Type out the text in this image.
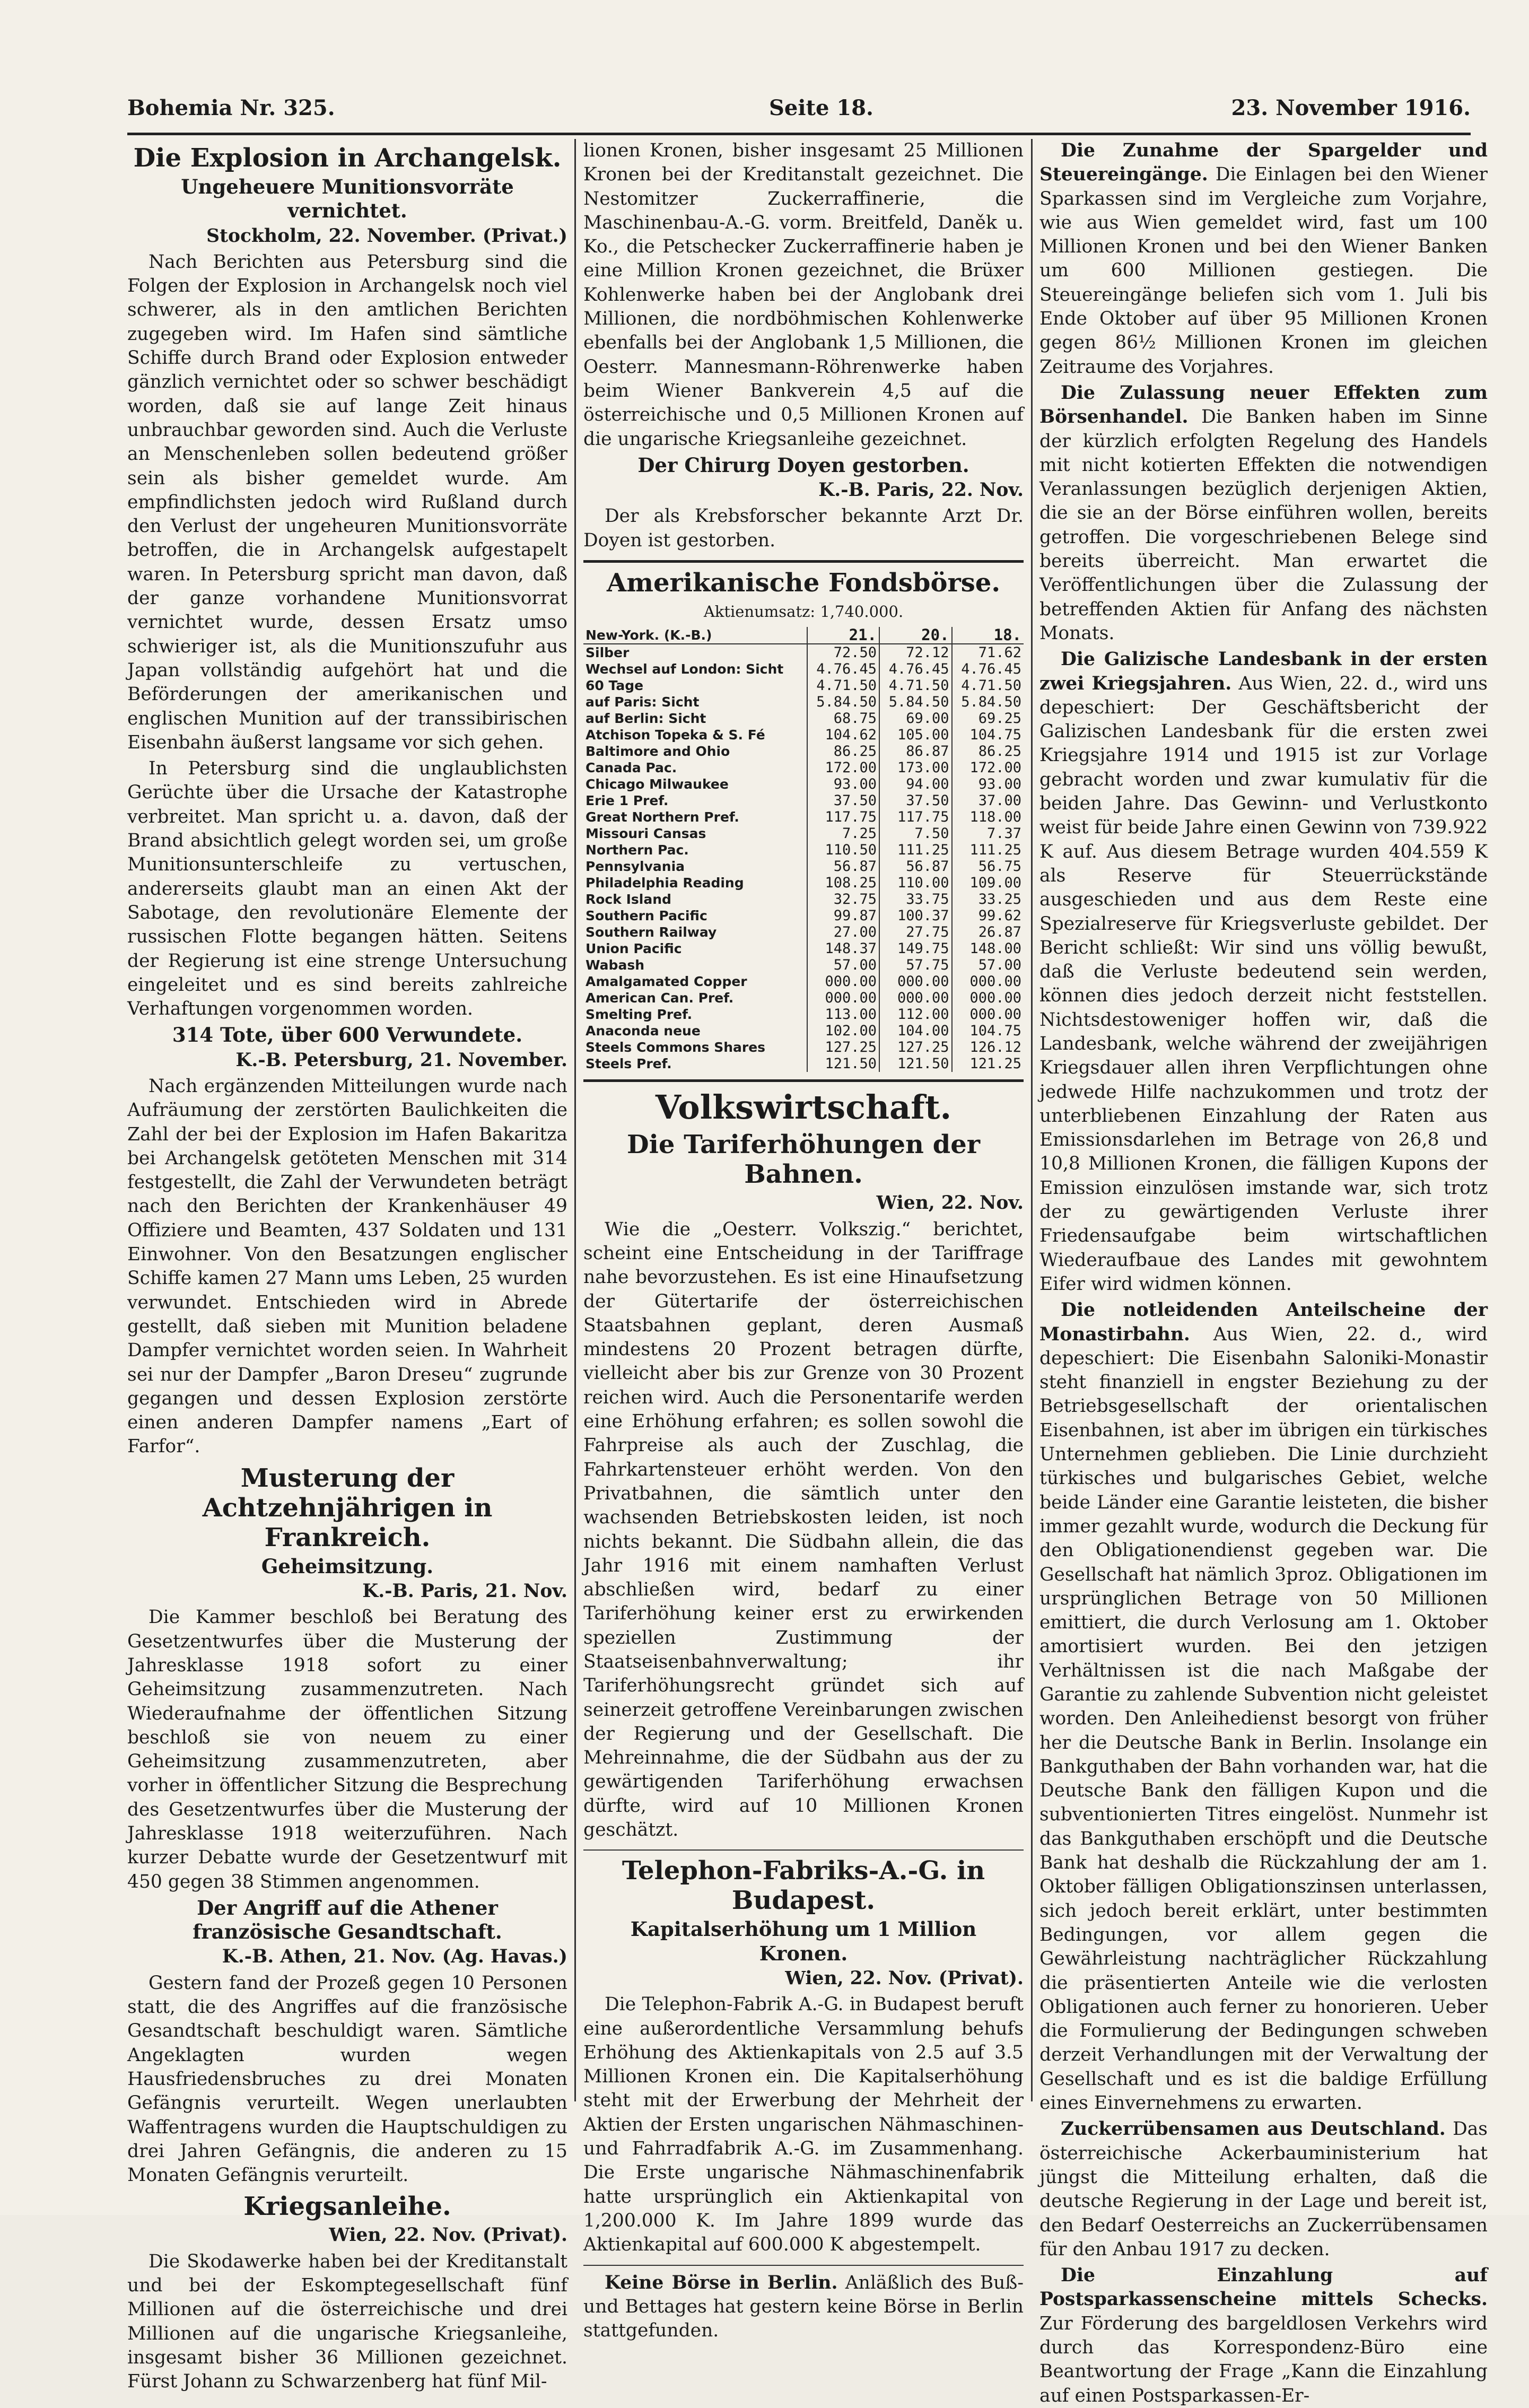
Bohemia Nr. 325.	Seite 18.	23. November 1916.
Die Explosion in Archangelsk.
Ungeheuere Munitionsvorräte vernichtet.

Stockholm, 22. November. (Privat.)

Nach Berichten aus Petersburg sind die Folgen der Explosion in Archangelsk noch viel schwerer, als in den amtlichen Berichten zugegeben wird. Im Hafen sind sämtliche Schiffe durch Brand oder Explosion entweder gänzlich vernichtet oder so schwer beschädigt worden, daß sie auf lange Zeit hinaus unbrauchbar geworden sind. Auch die Verluste an Menschenleben sollen bedeutend größer sein als bisher gemeldet wurde. Am empfindlichsten jedoch wird Rußland durch den Verlust der ungeheuren Munitionsvorräte betroffen, die in Archangelsk aufgestapelt waren. In Petersburg spricht man davon, daß der ganze vorhandene Munitionsvorrat vernichtet wurde, dessen Ersatz umso schwieriger ist, als die Munitionszufuhr aus Japan vollständig aufgehört hat und die Beförderungen der amerikanischen und englischen Munition auf der transsibirischen Eisenbahn äußerst langsame vor sich gehen.

In Petersburg sind die unglaublichsten Gerüchte über die Ursache der Katastrophe verbreitet. Man spricht u. a. davon, daß der Brand absichtlich gelegt worden sei, um große Munitionsunterschleife zu vertuschen, andererseits glaubt man an einen Akt der Sabotage, den revolutionäre Elemente der russischen Flotte begangen hätten. Seitens der Regierung ist eine strenge Untersuchung eingeleitet und es sind bereits zahlreiche Verhaftungen vorgenommen worden.

314 Tote, über 600 Verwundete.

K.-B. Petersburg, 21. November.

Nach ergänzenden Mitteilungen wurde nach Aufräumung der zerstörten Baulichkeiten die Zahl der bei der Explosion im Hafen Bakaritza bei Archangelsk getöteten Menschen mit 314 festgestellt, die Zahl der Verwundeten beträgt nach den Berichten der Krankenhäuser 49 Offiziere und Beamten, 437 Soldaten und 131 Einwohner. Von den Besatzungen englischer Schiffe kamen 27 Mann ums Leben, 25 wurden verwundet. Entschieden wird in Abrede gestellt, daß sieben mit Munition beladene Dampfer vernichtet worden seien. In Wahrheit sei nur der Dampfer „Baron Dreseu“ zugrunde gegangen und dessen Explosion zerstörte einen anderen Dampfer namens „Eart of Farfor“.

Musterung der Achtzehnjährigen in Frankreich.
Geheimsitzung.

K.-B. Paris, 21. Nov.

Die Kammer beschloß bei Beratung des Gesetzentwurfes über die Musterung der Jahresklasse 1918 sofort zu einer Geheimsitzung zusammenzutreten. Nach Wiederaufnahme der öffentlichen Sitzung beschloß sie von neuem zu einer Geheimsitzung zusammenzutreten, aber vorher in öffentlicher Sitzung die Besprechung des Gesetzentwurfes über die Musterung der Jahresklasse 1918 weiterzuführen. Nach kurzer Debatte wurde der Gesetzentwurf mit 450 gegen 38 Stimmen angenommen.

Der Angriff auf die Athener französische Gesandtschaft.

K.-B. Athen, 21. Nov. (Ag. Havas.)

Gestern fand der Prozeß gegen 10 Personen statt, die des Angriffes auf die französische Gesandtschaft beschuldigt waren. Sämtliche Angeklagten wurden wegen Hausfriedensbruches zu drei Monaten Gefängnis verurteilt. Wegen unerlaubten Waffentragens wurden die Hauptschuldigen zu drei Jahren Gefängnis, die anderen zu 15 Monaten Gefängnis verurteilt.

Kriegsanleihe.

Wien, 22. Nov. (Privat).

Die Skodawerke haben bei der Kreditanstalt und bei der Eskomptegesellschaft fünf Millionen auf die österreichische und drei Millionen auf die ungarische Kriegsanleihe, insgesamt bisher 36 Millionen gezeichnet. Fürst Johann zu Schwarzenberg hat fünf Mil-

lionen Kronen, bisher insgesamt 25 Millionen Kronen bei der Kreditanstalt gezeichnet. Die Nestomitzer Zuckerraffinerie, die Maschinenbau-A.-G. vorm. Breitfeld, Daněk u. Ko., die Petschecker Zuckerraffinerie haben je eine Million Kronen gezeichnet, die Brüxer Kohlenwerke haben bei der Anglobank drei Millionen, die nordböhmischen Kohlenwerke ebenfalls bei der Anglobank 1,5 Millionen, die Oesterr. Mannesmann-Röhrenwerke haben beim Wiener Bankverein 4,5 auf die österreichische und 0,5 Millionen Kronen auf die ungarische Kriegsanleihe gezeichnet.

Der Chirurg Doyen gestorben.

K.-B. Paris, 22. Nov.

Der als Krebsforscher bekannte Arzt Dr. Doyen ist gestorben.

Amerikanische Fondsbörse.
Aktienumsatz: 1,740.000.
New-York. (K.-B.)	21.	20.	18.
Silber	72.50	72.12	71.62
Wechsel auf London: Sicht	4.76.45	4.76.45	4.76.45
60 Tage	4.71.50	4.71.50	4.71.50
auf Paris: Sicht	5.84.50	5.84.50	5.84.50
auf Berlin: Sicht	68.75	69.00	69.25
Atchison Topeka & S. Fé	104.62	105.00	104.75
Baltimore and Ohio	86.25	86.87	86.25
Canada Pac.	172.00	173.00	172.00
Chicago Milwaukee	93.00	94.00	93.00
Erie 1 Pref.	37.50	37.50	37.00
Great Northern Pref.	117.75	117.75	118.00
Missouri Cansas	7.25	7.50	7.37
Northern Pac.	110.50	111.25	111.25
Pennsylvania	56.87	56.87	56.75
Philadelphia Reading	108.25	110.00	109.00
Rock Island	32.75	33.75	33.25
Southern Pacific	99.87	100.37	99.62
Southern Railway	27.00	27.75	26.87
Union Pacific	148.37	149.75	148.00
Wabash	57.00	57.75	57.00
Amalgamated Copper	000.00	000.00	000.00
American Can. Pref.	000.00	000.00	000.00
Smelting Pref.	113.00	112.00	000.00
Anaconda neue	102.00	104.00	104.75
Steels Commons Shares	127.25	127.25	126.12
Steels Pref.	121.50	121.50	121.25
Volkswirtschaft.
Die Tariferhöhungen der Bahnen.

Wien, 22. Nov.

Wie die „Oesterr. Volkszig.“ berichtet, scheint eine Entscheidung in der Tariffrage nahe bevorzustehen. Es ist eine Hinaufsetzung der Gütertarife der österreichischen Staatsbahnen geplant, deren Ausmaß mindestens 20 Prozent betragen dürfte, vielleicht aber bis zur Grenze von 30 Prozent reichen wird. Auch die Personentarife werden eine Erhöhung erfahren; es sollen sowohl die Fahrpreise als auch der Zuschlag, die Fahrkartensteuer erhöht werden. Von den Privatbahnen, die sämtlich unter den wachsenden Betriebskosten leiden, ist noch nichts bekannt. Die Südbahn allein, die das Jahr 1916 mit einem namhaften Verlust abschließen wird, bedarf zu einer Tariferhöhung keiner erst zu erwirkenden speziellen Zustimmung der Staatseisenbahnverwaltung; ihr Tariferhöhungsrecht gründet sich auf seinerzeit getroffene Vereinbarungen zwischen der Regierung und der Gesellschaft. Die Mehreinnahme, die der Südbahn aus der zu gewärtigenden Tariferhöhung erwachsen dürfte, wird auf 10 Millionen Kronen geschätzt.

Telephon-Fabriks-A.-G. in Budapest.
Kapitalserhöhung um 1 Million Kronen.

Wien, 22. Nov. (Privat).

Die Telephon-Fabrik A.-G. in Budapest beruft eine außerordentliche Versammlung behufs Erhöhung des Aktienkapitals von 2.5 auf 3.5 Millionen Kronen ein. Die Kapitalserhöhung steht mit der Erwerbung der Mehrheit der Aktien der Ersten ungarischen Nähmaschinen- und Fahrradfabrik A.-G. im Zusammenhang. Die Erste ungarische Nähmaschinenfabrik hatte ursprünglich ein Aktienkapital von 1,200.000 K. Im Jahre 1899 wurde das Aktienkapital auf 600.000 K abgestempelt.

Keine Börse in Berlin. Anläßlich des Buß- und Bettages hat gestern keine Börse in Berlin stattgefunden.

Die Zunahme der Spargelder und Steuereingänge. Die Einlagen bei den Wiener Sparkassen sind im Vergleiche zum Vorjahre, wie aus Wien gemeldet wird, fast um 100 Millionen Kronen und bei den Wiener Banken um 600 Millionen gestiegen. Die Steuereingänge beliefen sich vom 1. Juli bis Ende Oktober auf über 95 Millionen Kronen gegen 86½ Millionen Kronen im gleichen Zeitraume des Vorjahres.

Die Zulassung neuer Effekten zum Börsenhandel. Die Banken haben im Sinne der kürzlich erfolgten Regelung des Handels mit nicht kotierten Effekten die notwendigen Veranlassungen bezüglich derjenigen Aktien, die sie an der Börse einführen wollen, bereits getroffen. Die vorgeschriebenen Belege sind bereits überreicht. Man erwartet die Veröffentlichungen über die Zulassung der betreffenden Aktien für Anfang des nächsten Monats.

Die Galizische Landesbank in der ersten zwei Kriegsjahren. Aus Wien, 22. d., wird uns depeschiert: Der Geschäftsbericht der Galizischen Landesbank für die ersten zwei Kriegsjahre 1914 und 1915 ist zur Vorlage gebracht worden und zwar kumulativ für die beiden Jahre. Das Gewinn- und Verlustkonto weist für beide Jahre einen Gewinn von 739.922 K auf. Aus diesem Betrage wurden 404.559 K als Reserve für Steuerrückstände ausgeschieden und aus dem Reste eine Spezialreserve für Kriegsverluste gebildet. Der Bericht schließt: Wir sind uns völlig bewußt, daß die Verluste bedeutend sein werden, können dies jedoch derzeit nicht feststellen. Nichtsdestoweniger hoffen wir, daß die Landesbank, welche während der zweijährigen Kriegsdauer allen ihren Verpflichtungen ohne jedwede Hilfe nachzukommen und trotz der unterbliebenen Einzahlung der Raten aus Emissionsdarlehen im Betrage von 26,8 und 10,8 Millionen Kronen, die fälligen Kupons der Emission einzulösen imstande war, sich trotz der zu gewärtigenden Verluste ihrer Friedensaufgabe beim wirtschaftlichen Wiederaufbaue des Landes mit gewohntem Eifer wird widmen können.

Die notleidenden Anteilscheine der Monastirbahn. Aus Wien, 22. d., wird depeschiert: Die Eisenbahn Saloniki-Monastir steht finanziell in engster Beziehung zu der Betriebsgesellschaft der orientalischen Eisenbahnen, ist aber im übrigen ein türkisches Unternehmen geblieben. Die Linie durchzieht türkisches und bulgarisches Gebiet, welche beide Länder eine Garantie leisteten, die bisher immer gezahlt wurde, wodurch die Deckung für den Obligationendienst gegeben war. Die Gesellschaft hat nämlich 3proz. Obligationen im ursprünglichen Betrage von 50 Millionen emittiert, die durch Verlosung am 1. Oktober amortisiert wurden. Bei den jetzigen Verhältnissen ist die nach Maßgabe der Garantie zu zahlende Subvention nicht geleistet worden. Den Anleihedienst besorgt von früher her die Deutsche Bank in Berlin. Insolange ein Bankguthaben der Bahn vorhanden war, hat die Deutsche Bank den fälligen Kupon und die subventionierten Titres eingelöst. Nunmehr ist das Bankguthaben erschöpft und die Deutsche Bank hat deshalb die Rückzahlung der am 1. Oktober fälligen Obligationszinsen unterlassen, sich jedoch bereit erklärt, unter bestimmten Bedingungen, vor allem gegen die Gewährleistung nachträglicher Rückzahlung die präsentierten Anteile wie die verlosten Obligationen auch ferner zu honorieren. Ueber die Formulierung der Bedingungen schweben derzeit Verhandlungen mit der Verwaltung der Gesellschaft und es ist die baldige Erfüllung eines Einvernehmens zu erwarten.

Zuckerrübensamen aus Deutschland. Das österreichische Ackerbauministerium hat jüngst die Mitteilung erhalten, daß die deutsche Regierung in der Lage und bereit ist, den Bedarf Oesterreichs an Zuckerrübensamen für den Anbau 1917 zu decken.

Die Einzahlung auf Postsparkassenscheine mittels Schecks. Zur Förderung des bargeldlosen Verkehrs wird durch das Korrespondenz-Büro eine Beantwortung der Frage „Kann die Einzahlung auf einen Postsparkassen-Er-
